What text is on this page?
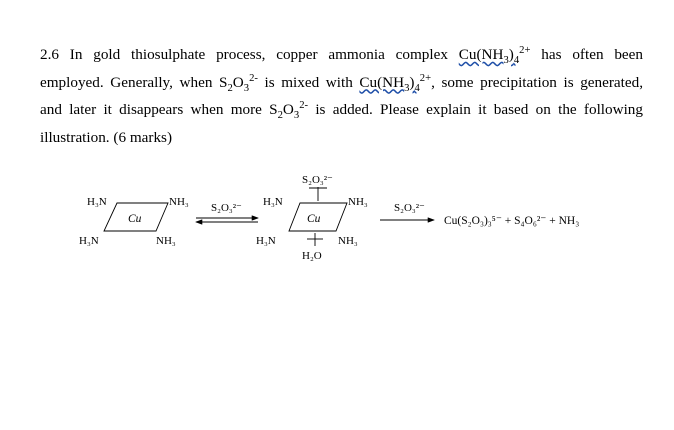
2.6 In gold thiosulphate process, copper ammonia complex $Cu(NH_3)_4^{2+}$ has often been
employed. Generally, when $S_2O_3^{2-}$ is mixed with $Cu(NH_3)_4^{2+}$, some precipitation is generated,
and later it disappears when more $S_2O_3^{2-}$ is added. Please explain it based on the following
illustration. (6 marks)
Cu
H₃N	NH₃
H₃N	NH₃
S₂O₃²⁻
S₂O₃²⁻
Cu
H₃N	NH₃
H₃N	NH₃
H₂O
S₂O₃²⁻
Cu(S₂O₃)₃⁵⁻ + S₄O₆²⁻ + NH₃
